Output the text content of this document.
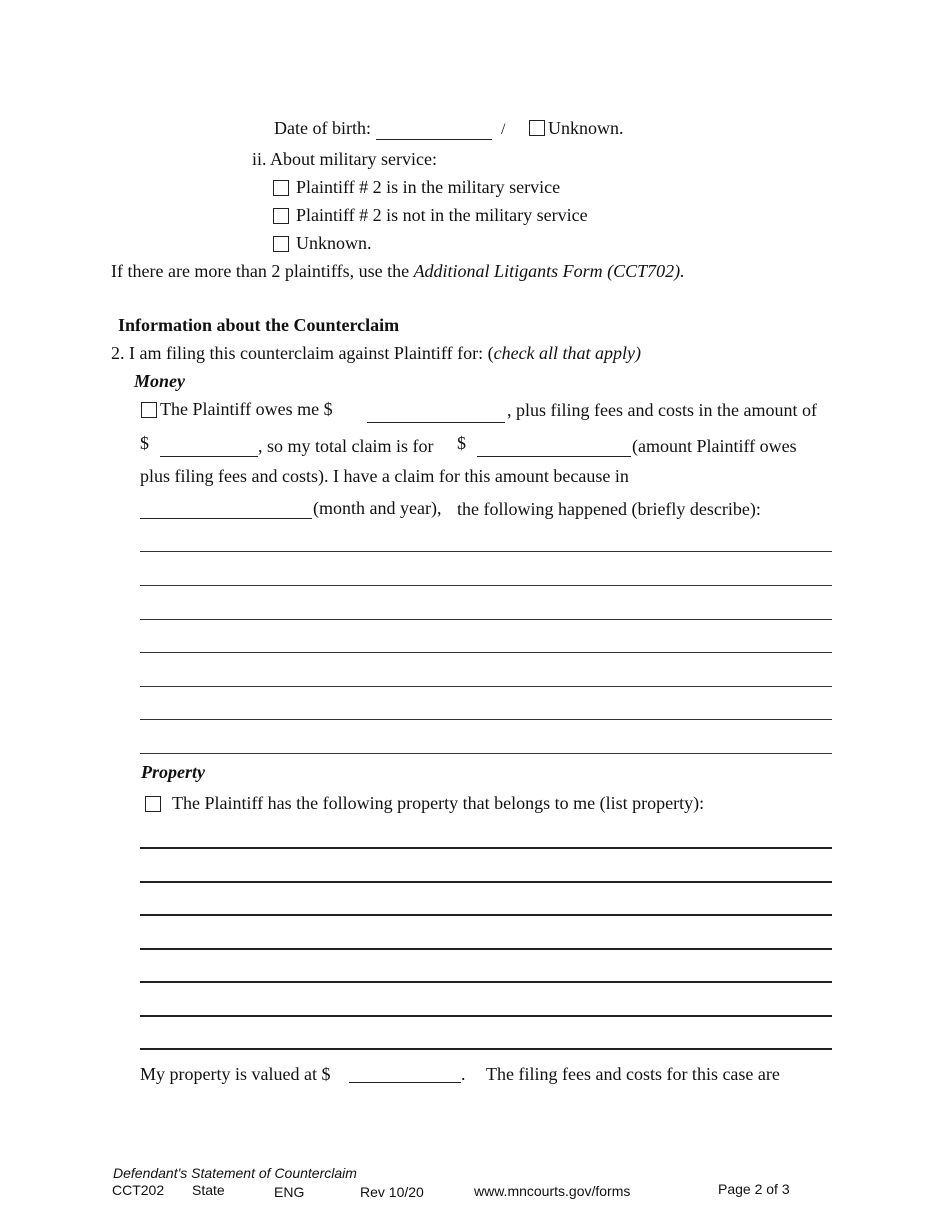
Date of birth:	/ Unknown.
ii. About military service:
Plaintiff # 2 is in the military service
Plaintiff # 2 is not in the military service
Unknown.
If there are more than 2 plaintiffs, use the Additional Litigants Form (CCT702).
Information about the Counterclaim
2. I am filing this counterclaim against Plaintiff for: (check all that apply)
Money
The Plaintiff owes me $	, plus filing fees and costs in the amount of
$	, so my total claim is for $	(amount Plaintiff owes
plus filing fees and costs). I have a claim for this amount because in
(month and year), the following happened (briefly describe):
Property
The Plaintiff has the following property that belongs to me (list property):
My property is valued at $	. The filing fees and costs for this case are
Defendant's Statement of Counterclaim
CCT202 State	ENG	Rev 10/20	www.mncourts.gov/forms	Page 2 of 3
